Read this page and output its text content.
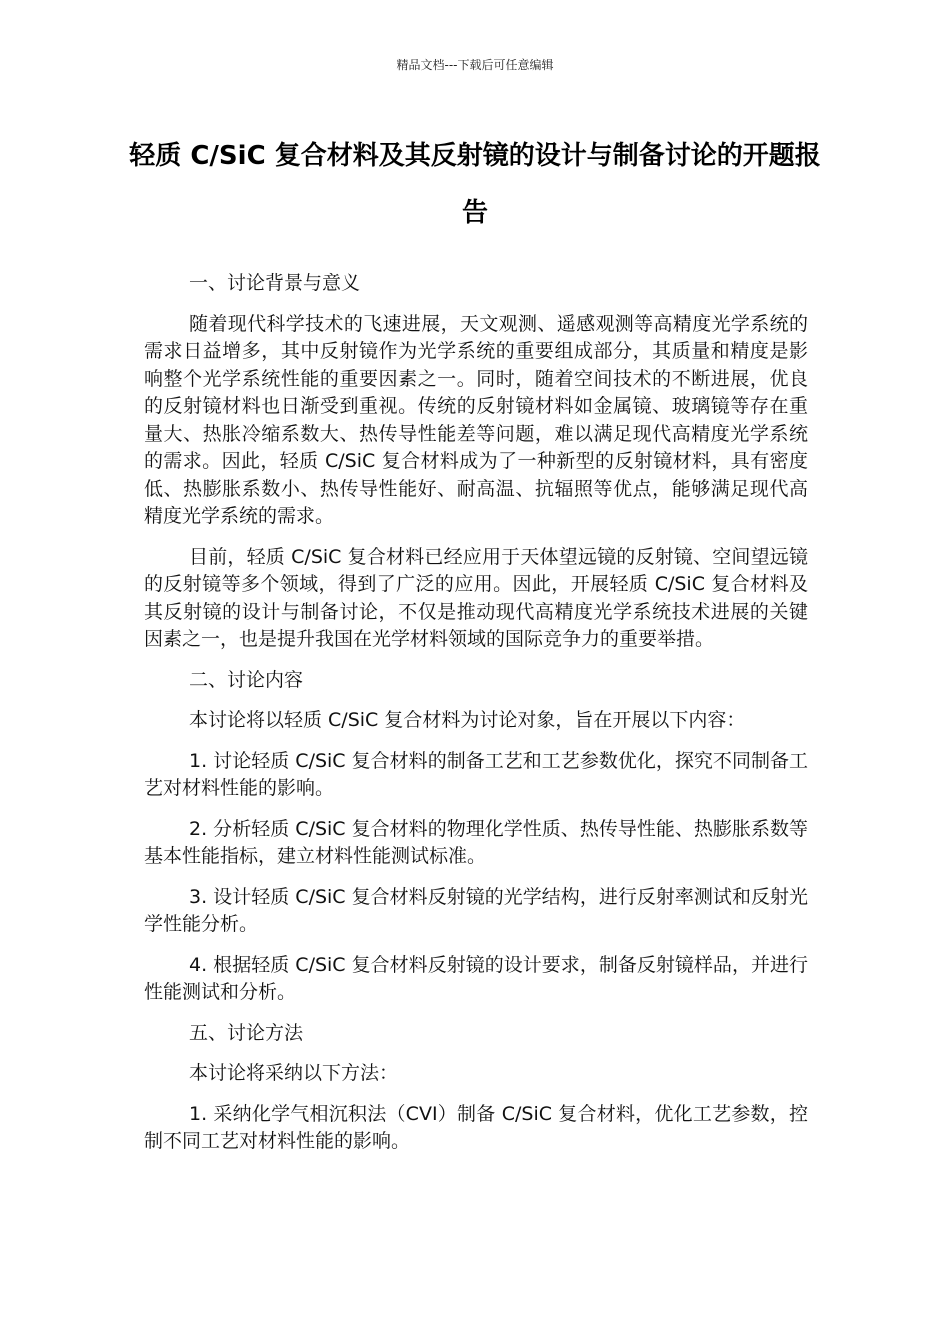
精品文档---下载后可任意编辑
轻质 C/SiC 复合材料及其反射镜的设计与制备讨论的开题报告

一、讨论背景与意义

随着现代科学技术的飞速进展，天文观测、遥感观测等高精度光学系统的需求日益增多，其中反射镜作为光学系统的重要组成部分，其质量和精度是影响整个光学系统性能的重要因素之一。同时，随着空间技术的不断进展，优良的反射镜材料也日渐受到重视。传统的反射镜材料如金属镜、玻璃镜等存在重量大、热胀冷缩系数大、热传导性能差等问题，难以满足现代高精度光学系统的需求。因此，轻质 C/SiC 复合材料成为了一种新型的反射镜材料，具有密度低、热膨胀系数小、热传导性能好、耐高温、抗辐照等优点，能够满足现代高精度光学系统的需求。

目前，轻质 C/SiC 复合材料已经应用于天体望远镜的反射镜、空间望远镜的反射镜等多个领域，得到了广泛的应用。因此，开展轻质 C/SiC 复合材料及其反射镜的设计与制备讨论，不仅是推动现代高精度光学系统技术进展的关键因素之一，也是提升我国在光学材料领域的国际竞争力的重要举措。

二、讨论内容

本讨论将以轻质 C/SiC 复合材料为讨论对象，旨在开展以下内容：

1. 讨论轻质 C/SiC 复合材料的制备工艺和工艺参数优化，探究不同制备工艺对材料性能的影响。

2. 分析轻质 C/SiC 复合材料的物理化学性质、热传导性能、热膨胀系数等基本性能指标，建立材料性能测试标准。

3. 设计轻质 C/SiC 复合材料反射镜的光学结构，进行反射率测试和反射光学性能分析。

4. 根据轻质 C/SiC 复合材料反射镜的设计要求，制备反射镜样品，并进行性能测试和分析。

五、讨论方法

本讨论将采纳以下方法：

1. 采纳化学气相沉积法（CVI）制备 C/SiC 复合材料，优化工艺参数，控制不同工艺对材料性能的影响。
